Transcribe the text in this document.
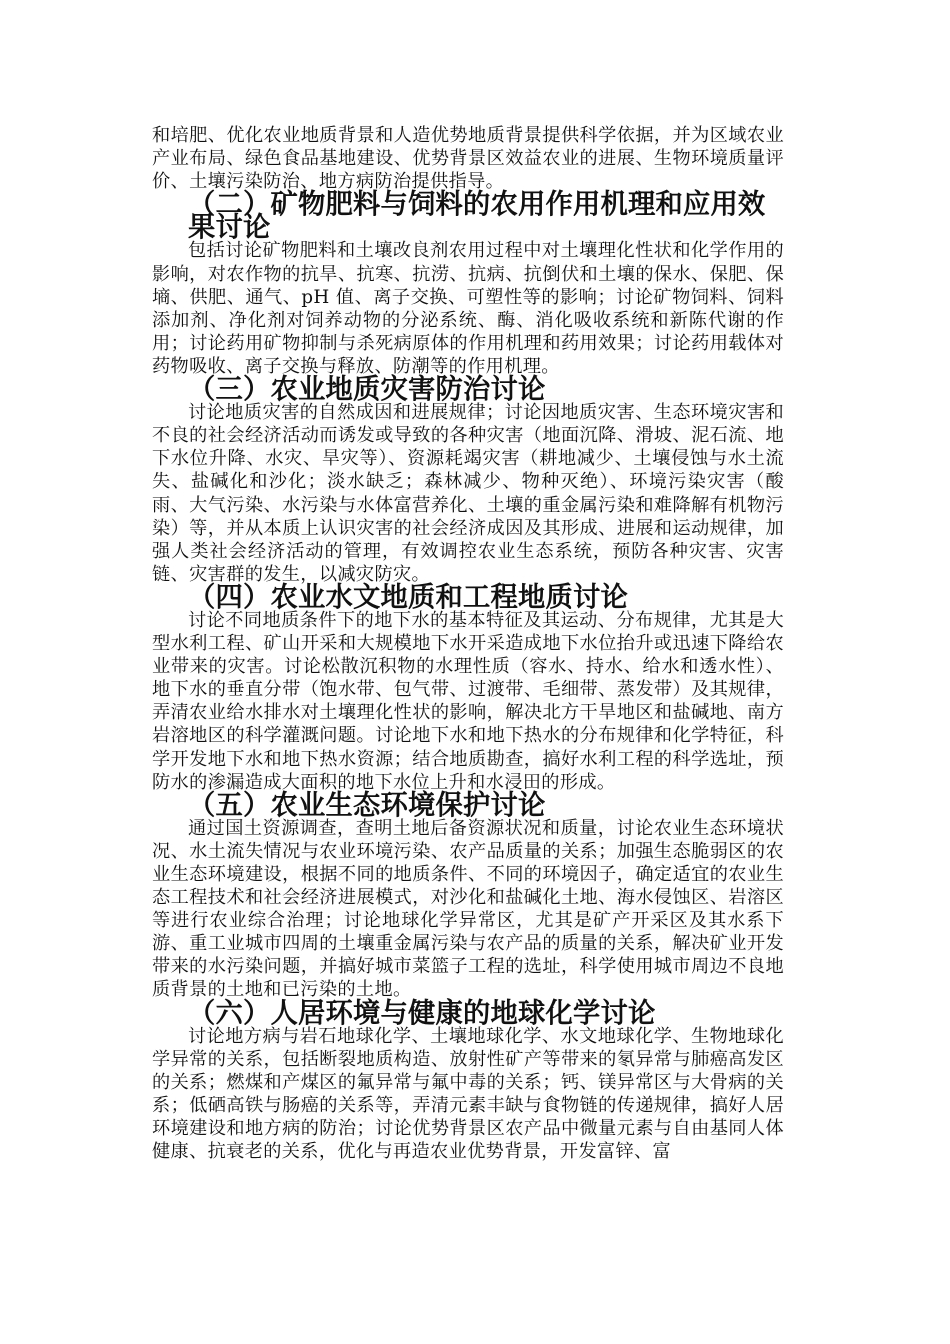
和培肥、优化农业地质背景和人造优势地质背景提供科学依据，并为区域农业产业布局、绿色食品基地建设、优势背景区效益农业的进展、生物环境质量评价、土壤污染防治、地方病防治提供指导。

（二）矿物肥料与饲料的农用作用机理和应用效果讨论

包括讨论矿物肥料和土壤改良剂农用过程中对土壤理化性状和化学作用的影响，对农作物的抗旱、抗寒、抗涝、抗病、抗倒伏和土壤的保水、保肥、保墒、供肥、通气、pH 值、离子交换、可塑性等的影响；讨论矿物饲料、饲料添加剂、净化剂对饲养动物的分泌系统、酶、消化吸收系统和新陈代谢的作用；讨论药用矿物抑制与杀死病原体的作用机理和药用效果；讨论药用载体对药物吸收、离子交换与释放、防潮等的作用机理。

（三）农业地质灾害防治讨论

讨论地质灾害的自然成因和进展规律；讨论因地质灾害、生态环境灾害和不良的社会经济活动而诱发或导致的各种灾害（地面沉降、滑坡、泥石流、地下水位升降、水灾、旱灾等）、资源耗竭灾害（耕地减少、土壤侵蚀与水土流失、盐碱化和沙化；淡水缺乏；森林减少、物种灭绝）、环境污染灾害（酸雨、大气污染、水污染与水体富营养化、土壤的重金属污染和难降解有机物污染）等，并从本质上认识灾害的社会经济成因及其形成、进展和运动规律，加强人类社会经济活动的管理，有效调控农业生态系统，预防各种灾害、灾害链、灾害群的发生，以减灾防灾。

（四）农业水文地质和工程地质讨论

讨论不同地质条件下的地下水的基本特征及其运动、分布规律，尤其是大型水利工程、矿山开采和大规模地下水开采造成地下水位抬升或迅速下降给农业带来的灾害。讨论松散沉积物的水理性质（容水、持水、给水和透水性）、地下水的垂直分带（饱水带、包气带、过渡带、毛细带、蒸发带）及其规律，弄清农业给水排水对土壤理化性状的影响，解决北方干旱地区和盐碱地、南方岩溶地区的科学灌溉问题。讨论地下水和地下热水的分布规律和化学特征，科学开发地下水和地下热水资源；结合地质勘查，搞好水利工程的科学选址，预防水的渗漏造成大面积的地下水位上升和水浸田的形成。

（五）农业生态环境保护讨论

通过国土资源调查，查明土地后备资源状况和质量，讨论农业生态环境状况、水土流失情况与农业环境污染、农产品质量的关系；加强生态脆弱区的农业生态环境建设，根据不同的地质条件、不同的环境因子，确定适宜的农业生态工程技术和社会经济进展模式，对沙化和盐碱化土地、海水侵蚀区、岩溶区等进行农业综合治理；讨论地球化学异常区，尤其是矿产开采区及其水系下游、重工业城市四周的土壤重金属污染与农产品的质量的关系，解决矿业开发带来的水污染问题，并搞好城市菜篮子工程的选址，科学使用城市周边不良地质背景的土地和已污染的土地。

（六）人居环境与健康的地球化学讨论

讨论地方病与岩石地球化学、土壤地球化学、水文地球化学、生物地球化学异常的关系，包括断裂地质构造、放射性矿产等带来的氡异常与肺癌高发区的关系；燃煤和产煤区的氟异常与氟中毒的关系；钙、镁异常区与大骨病的关系；低硒高铁与肠癌的关系等，弄清元素丰缺与食物链的传递规律，搞好人居环境建设和地方病的防治；讨论优势背景区农产品中微量元素与自由基同人体健康、抗衰老的关系，优化与再造农业优势背景，开发富锌、富
